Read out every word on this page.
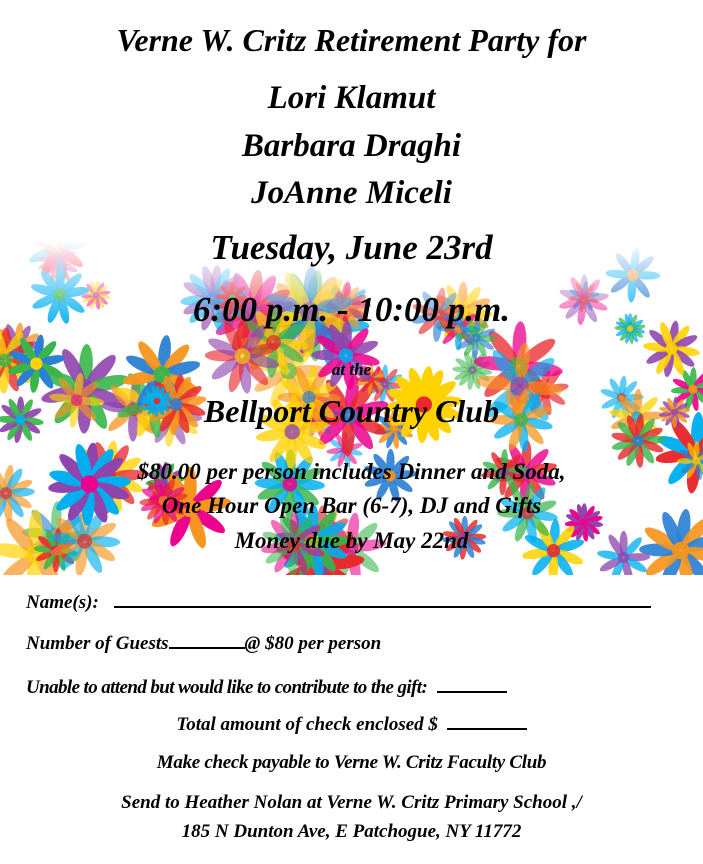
Verne W. Critz Retirement Party for
Lori Klamut
Barbara Draghi
JoAnne Miceli
Tuesday, June 23rd
6:00 p.m. - 10:00 p.m.
at the
Bellport Country Club
$80.00 per person includes Dinner and Soda,
One Hour Open Bar (6-7), DJ and Gifts
Money due by May 22nd
Name(s):
Number of Guests	@ $80 per person
Unable to attend but would like to contribute to the gift:
Total amount of check enclosed $
Make check payable to Verne W. Critz Faculty Club
Send to Heather Nolan at Verne W. Critz Primary School ,/
185 N Dunton Ave, E Patchogue, NY 11772
